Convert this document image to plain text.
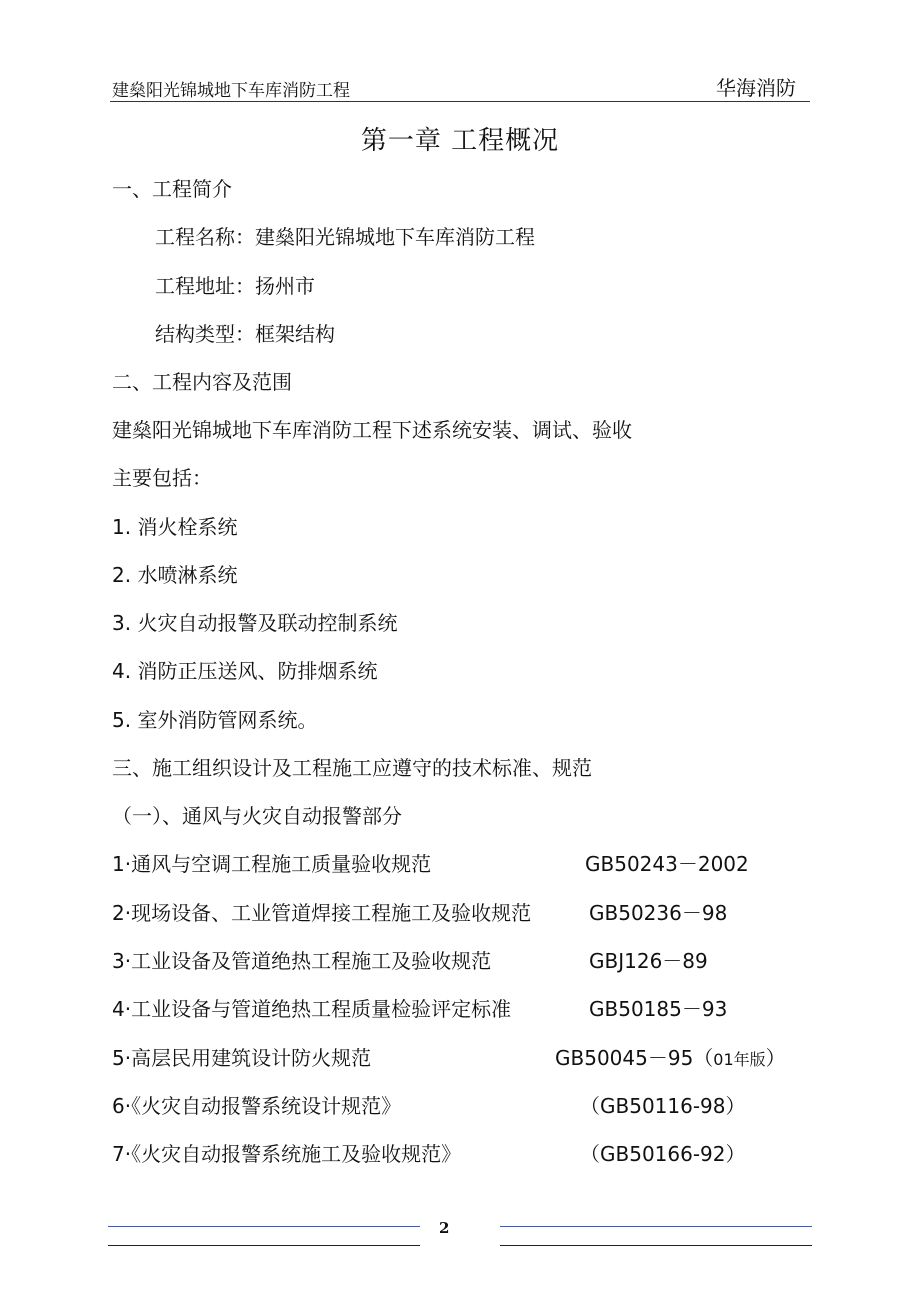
建燊阳光锦城地下车库消防工程	华海消防
第一章 工程概况
一、工程简介
工程名称：建燊阳光锦城地下车库消防工程
工程地址：扬州市
结构类型：框架结构
二、工程内容及范围
建燊阳光锦城地下车库消防工程下述系统安装、调试、验收
主要包括：
1. 消火栓系统
2. 水喷淋系统
3. 火灾自动报警及联动控制系统
4. 消防正压送风、防排烟系统
5. 室外消防管网系统。
三、施工组织设计及工程施工应遵守的技术标准、规范
（一）、通风与火灾自动报警部分
1·通风与空调工程施工质量验收规范	GB50243－2002
2·现场设备、工业管道焊接工程施工及验收规范	GB50236－98
3·工业设备及管道绝热工程施工及验收规范	GBJ126－89
4·工业设备与管道绝热工程质量检验评定标准	GB50185－93
5·高层民用建筑设计防火规范	GB50045－95（01年版）
6·《火灾自动报警系统设计规范》	（GB50116-98）
7·《火灾自动报警系统施工及验收规范》	（GB50166-92）
2
